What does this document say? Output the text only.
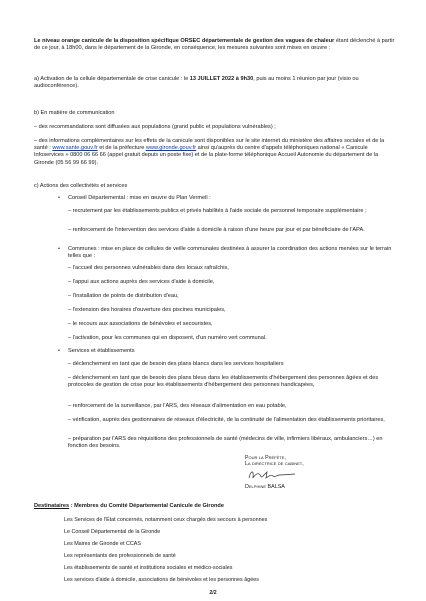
Le niveau orange canicule de la disposition spécifique ORSEC départementale de gestion des vagues de chaleur étant déclenché à partir de ce jour, à 18h00, dans le département de la Gironde, en conséquence, les mesures suivantes sont mises en œuvre :
a) Activation de la cellule départementale de crise canicule : le 13 JUILLET 2022 à 9h30, puis au moins 1 réunion par jour (visio ou audioconférence).
b) En matière de communication
– des recommandations sont diffusées aux populations (grand public et populations vulnérables) ;
– des informations complémentaires sur les effets de la canicule sont disponibles sur le site internet du ministère des affaires sociales et de la santé : www.sante.gouv.fr et de la préfecture www.gironde.gouv.fr ainsi qu'auprès du centre d'appels téléphoniques national « Canicule Infoservices » 0800 06 66 66 (appel gratuit depuis un poste fixe) et de la plate-forme téléphonique Accueil Autonomie du département de la Gironde (05 56 99 66 99).
c) Actions des collectivités et services
• Conseil Départemental : mise en œuvre du Plan Vermeil :
– recrutement par les établissements publics et privés habilités à l'aide sociale de personnel temporaire supplémentaire ;
– renforcement de l'intervention des services d'aide à domicile à raison d'une heure par jour et par bénéficiaire de l'APA.
• Communes : mise en place de cellules de veille communales destinées à assurer la coordination des actions menées sur le terrain telles que :
– l'accueil des personnes vulnérables dans des locaux rafraîchis,
– l'appui aux actions auprès des services d'aide à domicile,
– l'installation de points de distribution d'eau,
– l'extension des horaires d'ouverture des piscines municipales,
– le recours aux associations de bénévoles et secouristes,
– l'activation, pour les communes qui en disposent, d'un numéro vert communal.
• Services et établissements
– déclenchement en tant que de besoin des plans blancs dans les services hospitaliers
– déclenchement en tant que de besoin des plans bleus dans les établissements d'hébergement des personnes âgées et des protocoles de gestion de crise pour les établissements d'hébergement des personnes handicapées,
– renforcement de la surveillance, par l'ARS, des réseaux d'alimentation en eau potable,
– vérification, auprès des gestionnaires de réseaux d'électricité, de la continuité de l'alimentation des établissements prioritaires,
– préparation par l'ARS des réquisitions des professionnels de santé (médecins de ville, infirmiers libéraux, ambulanciers…) en fonction des besoins.
Pour la Préfète,
La directrice de cabinet,
Delphine BALSA
Destinataires : Membres du Comité Départemental Canicule de Gironde
Les Services de l'État concernés, notamment ceux chargés des secours à personnes
Le Conseil Départemental de la Gironde
Les Maires de Gironde et CCAS
Les représentants des professionnels de santé
Les établissements de santé et institutions sociales et médico-sociales
Les services d'aide à domicile, associations de bénévoles et les personnes âgées
2/2
